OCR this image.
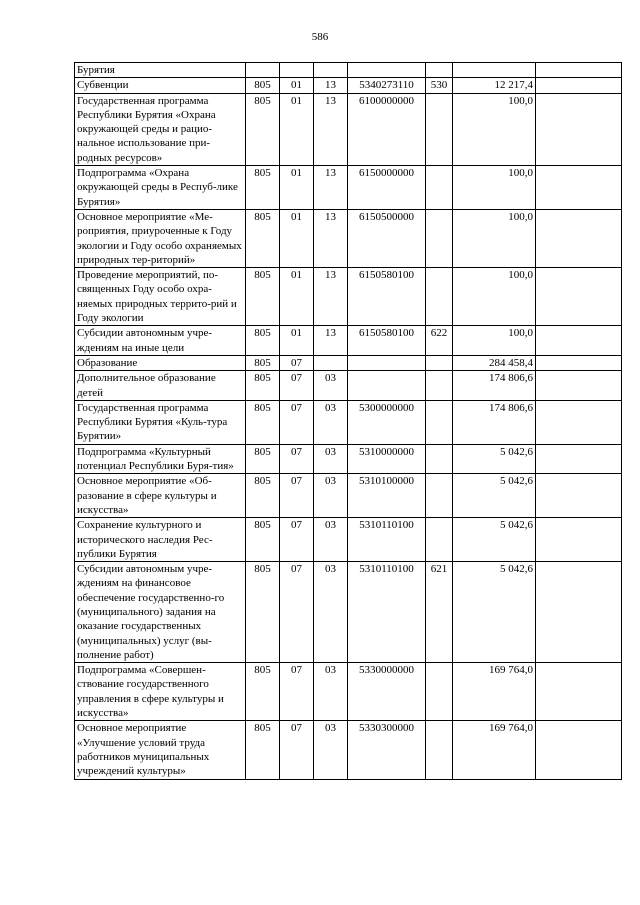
586
Бурятия							
Субвенции	805	01	13	5340273110	530	12 217,4	
Государственная программа Республики Бурятия «Охрана окружающей среды и рацио-нальное использование при-родных ресурсов»	805	01	13	6100000000		100,0	
Подпрограмма «Охрана окружающей среды в Респуб-лике Бурятия»	805	01	13	6150000000		100,0	
Основное мероприятие «Ме-роприятия, приуроченные к Году экологии и Году особо охраняемых природных тер-риторий»	805	01	13	6150500000		100,0	
Проведение мероприятий, по-священных Году особо охра-няемых природных террито-рий и Году экологии	805	01	13	6150580100		100,0	
Субсидии автономным учре-ждениям на иные цели	805	01	13	6150580100	622	100,0	
Образование	805	07				284 458,4	
Дополнительное образование детей	805	07	03			174 806,6	
Государственная программа Республики Бурятия «Куль-тура Бурятии»	805	07	03	5300000000		174 806,6	
Подпрограмма «Культурный потенциал Республики Буря-тия»	805	07	03	5310000000		5 042,6	
Основное мероприятие «Об-разование в сфере культуры и искусства»	805	07	03	5310100000		5 042,6	
Сохранение культурного и исторического наследия Рес-публики Бурятия	805	07	03	5310110100		5 042,6	
Субсидии автономным учре-ждениям на финансовое обеспечение государственно-го (муниципального) задания на оказание государственных (муниципальных) услуг (вы-полнение работ)	805	07	03	5310110100	621	5 042,6	
Подпрограмма «Совершен-ствование государственного управления в сфере культуры и искусства»	805	07	03	5330000000		169 764,0	
Основное мероприятие «Улучшение условий труда работников муниципальных учреждений культуры»	805	07	03	5330300000		169 764,0	
